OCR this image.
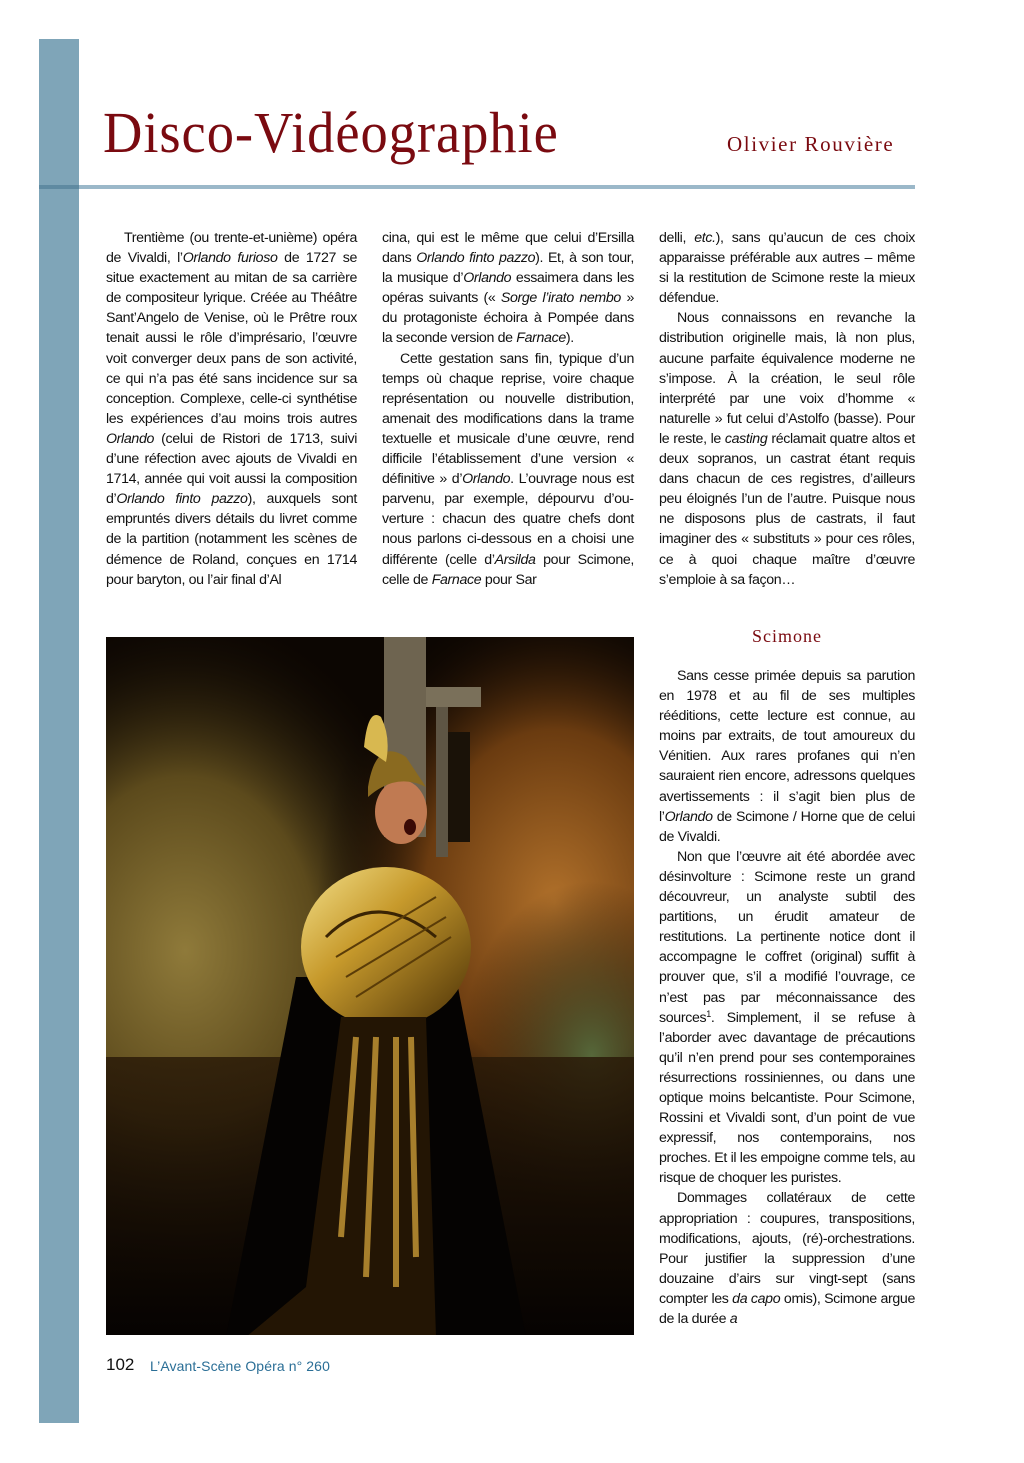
Disco-Vidéographie	Olivier Rouvière

Trentième (ou trente-et-unième) opéra de Vivaldi, l’Orlando furioso de 1727 se situe exactement au mitan de sa carrière de compositeur lyrique. Créée au Théâtre Sant’Angelo de Venise, où le Prêtre roux tenait aussi le rôle d’imprésario, l’œuvre voit converger deux pans de son activité, ce qui n’a pas été sans incidence sur sa conception. Complexe, celle-ci synthétise les expériences d’au moins trois autres Orlando (celui de Ristori de 1713, suivi d’une réfection avec ajouts de Vivaldi en 1714, année qui voit aussi la composition d’Orlando finto pazzo), auxquels sont empruntés divers détails du livret comme de la partition (notamment les scènes de démence de Roland, conçues en 1714 pour baryton, ou l’air final d’Al

cina, qui est le même que celui d’Ersilla dans Orlando finto pazzo). Et, à son tour, la musique d’Orlando essaimera dans les opéras suivants (« Sorge l’irato nembo » du protagoniste échoira à Pompée dans la seconde version de Farnace).

Cette gestation sans fin, typique d’un temps où chaque reprise, voire chaque représentation ou nouvelle distribution, amenait des modifications dans la trame textuelle et musicale d’une œuvre, rend difficile l’établissement d’une version « définitive » d’Orlando. L’ouvrage nous est parvenu, par exemple, dépourvu d’ouverture : chacun des quatre chefs dont nous parlons ci-dessous en a choisi une différente (celle d’Arsilda pour Scimone, celle de Farnace pour Sar

delli, etc.), sans qu’aucun de ces choix apparaisse préférable aux autres – même si la restitution de Scimone reste la mieux défendue.

Nous connaissons en revanche la distribution originelle mais, là non plus, aucune parfaite équivalence moderne ne s’impose. À la création, le seul rôle interprété par une voix d’homme « naturelle » fut celui d’Astolfo (basse). Pour le reste, le casting réclamait quatre altos et deux sopranos, un castrat étant requis dans chacun de ces registres, d’ailleurs peu éloignés l’un de l’autre. Puisque nous ne disposons plus de castrats, il faut imaginer des « substituts » pour ces rôles, ce à quoi chaque maître d’œuvre s’emploie à sa façon…

Scimone

Sans cesse primée depuis sa parution en 1978 et au fil de ses multiples rééditions, cette lecture est connue, au moins par extraits, de tout amoureux du Vénitien. Aux rares profanes qui n’en sauraient rien encore, adressons quelques avertissements : il s’agit bien plus de l’Orlando de Scimone / Horne que de celui de Vivaldi.

Non que l’œuvre ait été abordée avec désinvolture : Scimone reste un grand découvreur, un analyste subtil des partitions, un érudit amateur de restitutions. La pertinente notice dont il accompagne le coffret (original) suffit à prouver que, s’il a modifié l’ouvrage, ce n’est pas par méconnaissance des sources$^1$. Simplement, il se refuse à l’aborder avec davantage de précautions qu’il n’en prend pour ses contemporaines résurrections rossiniennes, ou dans une optique moins belcantiste. Pour Scimone, Rossini et Vivaldi sont, d’un point de vue expressif, nos contemporains, nos proches. Et il les empoigne comme tels, au risque de choquer les puristes.

Dommages collatéraux de cette appropriation : coupures, transpositions, modifications, ajouts, (ré)-orchestrations. Pour justifier la suppression d’une douzaine d’airs sur vingt-sept (sans compter les da capo omis), Scimone argue de la durée a

102 L’Avant-Scène Opéra n° 260
